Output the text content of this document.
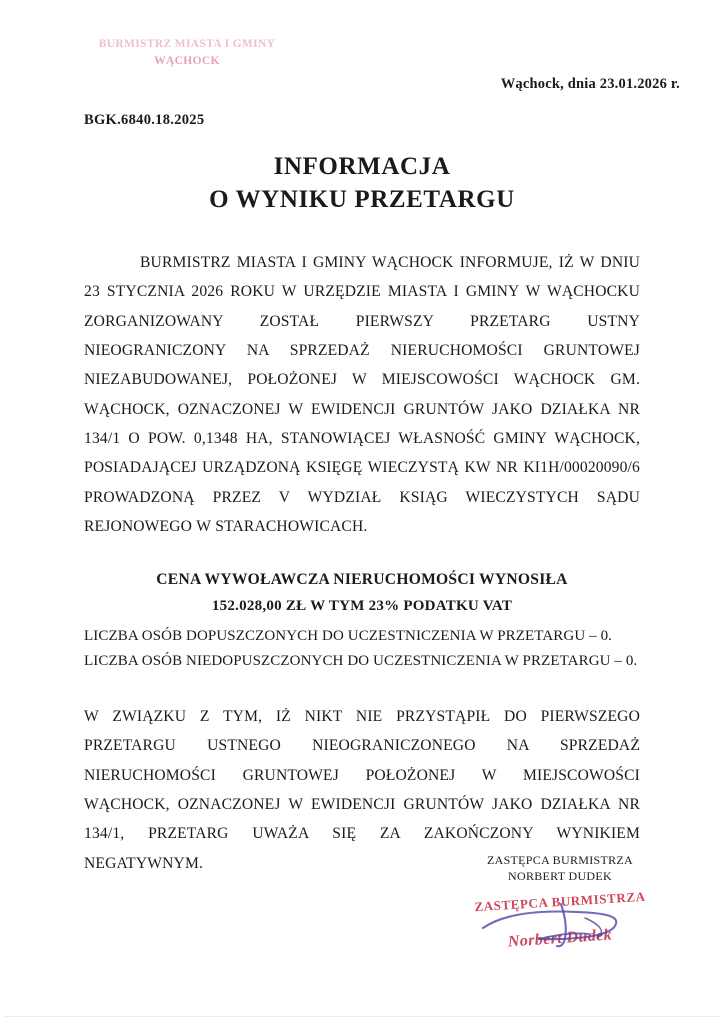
BURMISTRZ MIASTA I GMINY
WĄCHOCK
Wąchock, dnia 23.01.2026 r.
BGK.6840.18.2025
INFORMACJA
O WYNIKU PRZETARGU

BURMISTRZ MIASTA I GMINY WĄCHOCK INFORMUJE, IŻ W DNIU 23 STYCZNIA 2026 ROKU W URZĘDZIE MIASTA I GMINY W WĄCHOCKU ZORGANIZOWANY ZOSTAŁ PIERWSZY PRZETARG USTNY NIEOGRANICZONY NA SPRZEDAŻ NIERUCHOMOŚCI GRUNTOWEJ NIEZABUDOWANEJ, POŁOŻONEJ W MIEJSCOWOŚCI WĄCHOCK GM. WĄCHOCK, OZNACZONEJ W EWIDENCJI GRUNTÓW JAKO DZIAŁKA NR 134/1 O POW. 0,1348 HA, STANOWIĄCEJ WŁASNOŚĆ GMINY WĄCHOCK, POSIADAJĄCEJ URZĄDZONĄ KSIĘGĘ WIECZYSTĄ KW NR KI1H/00020090/6 PROWADZONĄ PRZEZ V WYDZIAŁ KSIĄG WIECZYSTYCH SĄDU REJONOWEGO W STARACHOWICACH.

CENA WYWOŁAWCZA NIERUCHOMOŚCI WYNOSIŁA
152.028,00 ZŁ W TYM 23% PODATKU VAT
LICZBA OSÓB DOPUSZCZONYCH DO UCZESTNICZENIA W PRZETARGU – 0.
LICZBA OSÓB NIEDOPUSZCZONYCH DO UCZESTNICZENIA W PRZETARGU – 0.

W ZWIĄZKU Z TYM, IŻ NIKT NIE PRZYSTĄPIŁ DO PIERWSZEGO PRZETARGU USTNEGO NIEOGRANICZONEGO NA SPRZEDAŻ NIERUCHOMOŚCI GRUNTOWEJ POŁOŻONEJ W MIEJSCOWOŚCI WĄCHOCK, OZNACZONEJ W EWIDENCJI GRUNTÓW JAKO DZIAŁKA NR 134/1, PRZETARG UWAŻA SIĘ ZA ZAKOŃCZONY WYNIKIEM NEGATYWNYM.	ZASTĘPCA BURMISTRZA
NORBERT DUDEK
ZASTĘPCA BURMISTRZA
Norbert Dudek
